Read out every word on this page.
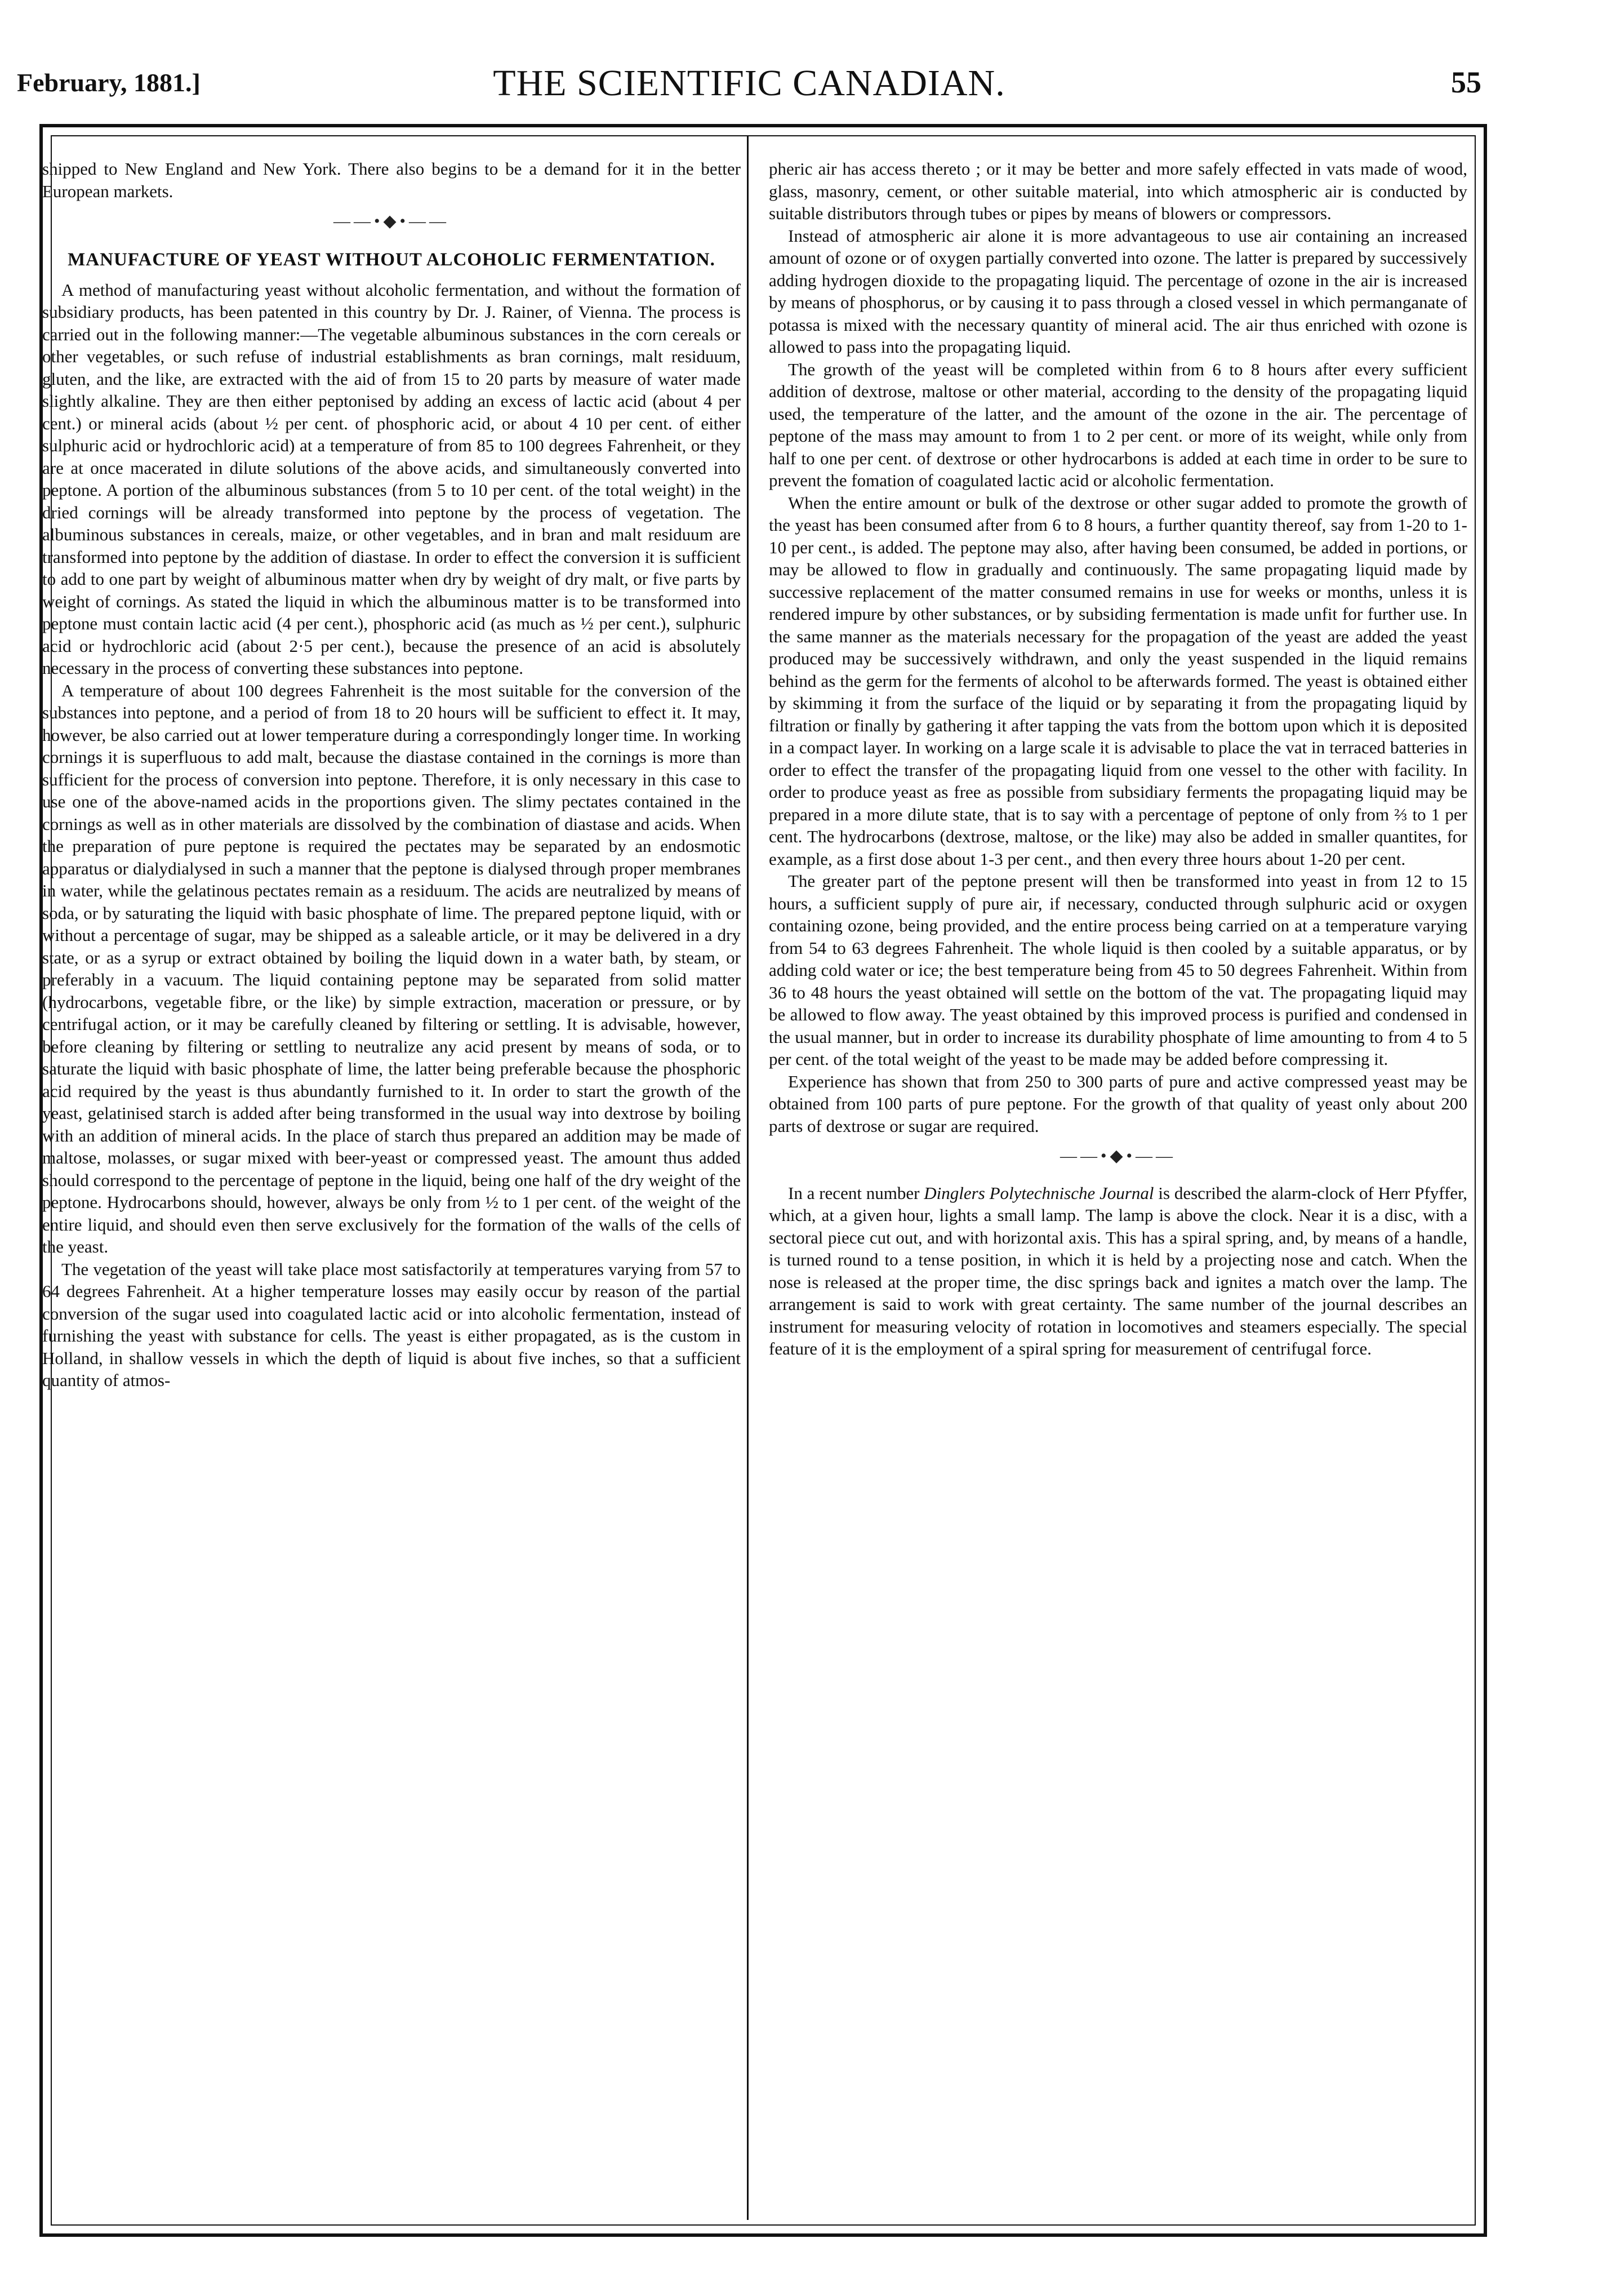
February, 1881.]	THE SCIENTIFIC CANADIAN.	55

shipped to New England and New York. There also begins to be a demand for it in the better European markets.

——•◆•——
MANUFACTURE OF YEAST WITHOUT ALCOHOLIC FERMENTATION.

A method of manufacturing yeast without alcoholic fermentation, and without the formation of subsidiary products, has been patented in this country by Dr. J. Rainer, of Vienna. The process is carried out in the following manner:—The vegetable albuminous substances in the corn cereals or other vegetables, or such refuse of industrial establishments as bran cornings, malt residuum, gluten, and the like, are extracted with the aid of from 15 to 20 parts by measure of water made slightly alkaline. They are then either peptonised by adding an excess of lactic acid (about 4 per cent.) or mineral acids (about ½ per cent. of phosphoric acid, or about 4 10 per cent. of either sulphuric acid or hydrochloric acid) at a temperature of from 85 to 100 degrees Fahrenheit, or they are at once macerated in dilute solutions of the above acids, and simultaneously converted into peptone. A portion of the albuminous substances (from 5 to 10 per cent. of the total weight) in the dried cornings will be already transformed into peptone by the process of vegetation. The albuminous substances in cereals, maize, or other vegetables, and in bran and malt residuum are transformed into peptone by the addition of diastase. In order to effect the conversion it is sufficient to add to one part by weight of albuminous matter when dry by weight of dry malt, or five parts by weight of cornings. As stated the liquid in which the albuminous matter is to be transformed into peptone must contain lactic acid (4 per cent.), phosphoric acid (as much as ½ per cent.), sulphuric acid or hydrochloric acid (about 2·5 per cent.), because the presence of an acid is absolutely necessary in the process of converting these substances into peptone.

A temperature of about 100 degrees Fahrenheit is the most suitable for the conversion of the substances into peptone, and a period of from 18 to 20 hours will be sufficient to effect it. It may, however, be also carried out at lower temperature during a correspondingly longer time. In working cornings it is superfluous to add malt, because the diastase contained in the cornings is more than sufficient for the process of conversion into peptone. Therefore, it is only necessary in this case to use one of the above-named acids in the proportions given. The slimy pectates contained in the cornings as well as in other materials are dissolved by the combination of diastase and acids. When the preparation of pure peptone is required the pectates may be separated by an endosmotic apparatus or dialydialysed in such a manner that the peptone is dialysed through proper membranes in water, while the gelatinous pectates remain as a residuum. The acids are neutralized by means of soda, or by saturating the liquid with basic phosphate of lime. The prepared peptone liquid, with or without a percentage of sugar, may be shipped as a saleable article, or it may be delivered in a dry state, or as a syrup or extract obtained by boiling the liquid down in a water bath, by steam, or preferably in a vacuum. The liquid containing peptone may be separated from solid matter (hydrocarbons, vegetable fibre, or the like) by simple extraction, maceration or pressure, or by centrifugal action, or it may be carefully cleaned by filtering or settling. It is advisable, however, before cleaning by filtering or settling to neutralize any acid present by means of soda, or to saturate the liquid with basic phosphate of lime, the latter being preferable because the phosphoric acid required by the yeast is thus abundantly furnished to it. In order to start the growth of the yeast, gelatinised starch is added after being transformed in the usual way into dextrose by boiling with an addition of mineral acids. In the place of starch thus prepared an addition may be made of maltose, molasses, or sugar mixed with beer-yeast or compressed yeast. The amount thus added should correspond to the percentage of peptone in the liquid, being one half of the dry weight of the peptone. Hydrocarbons should, however, always be only from ½ to 1 per cent. of the weight of the entire liquid, and should even then serve exclusively for the formation of the walls of the cells of the yeast.

The vegetation of the yeast will take place most satisfactorily at temperatures varying from 57 to 64 degrees Fahrenheit. At a higher temperature losses may easily occur by reason of the partial conversion of the sugar used into coagulated lactic acid or into alcoholic fermentation, instead of furnishing the yeast with substance for cells. The yeast is either propagated, as is the custom in Holland, in shallow vessels in which the depth of liquid is about five inches, so that a sufficient quantity of atmos-

pheric air has access thereto ; or it may be better and more safely effected in vats made of wood, glass, masonry, cement, or other suitable material, into which atmospheric air is conducted by suitable distributors through tubes or pipes by means of blowers or compressors.

Instead of atmospheric air alone it is more advantageous to use air containing an increased amount of ozone or of oxygen partially converted into ozone. The latter is prepared by successively adding hydrogen dioxide to the propagating liquid. The percentage of ozone in the air is increased by means of phosphorus, or by causing it to pass through a closed vessel in which permanganate of potassa is mixed with the necessary quantity of mineral acid. The air thus enriched with ozone is allowed to pass into the propagating liquid.

The growth of the yeast will be completed within from 6 to 8 hours after every sufficient addition of dextrose, maltose or other material, according to the density of the propagating liquid used, the temperature of the latter, and the amount of the ozone in the air. The percentage of peptone of the mass may amount to from 1 to 2 per cent. or more of its weight, while only from half to one per cent. of dextrose or other hydrocarbons is added at each time in order to be sure to prevent the fomation of coagulated lactic acid or alcoholic fermentation.

When the entire amount or bulk of the dextrose or other sugar added to promote the growth of the yeast has been consumed after from 6 to 8 hours, a further quantity thereof, say from 1-20 to 1-10 per cent., is added. The peptone may also, after having been consumed, be added in portions, or may be allowed to flow in gradually and continuously. The same propagating liquid made by successive replacement of the matter consumed remains in use for weeks or months, unless it is rendered impure by other substances, or by subsiding fermentation is made unfit for further use. In the same manner as the materials necessary for the propagation of the yeast are added the yeast produced may be successively withdrawn, and only the yeast suspended in the liquid remains behind as the germ for the ferments of alcohol to be afterwards formed. The yeast is obtained either by skimming it from the surface of the liquid or by separating it from the propagating liquid by filtration or finally by gathering it after tapping the vats from the bottom upon which it is deposited in a compact layer. In working on a large scale it is advisable to place the vat in terraced batteries in order to effect the transfer of the propagating liquid from one vessel to the other with facility. In order to produce yeast as free as possible from subsidiary ferments the propagating liquid may be prepared in a more dilute state, that is to say with a percentage of peptone of only from ⅔ to 1 per cent. The hydrocarbons (dextrose, maltose, or the like) may also be added in smaller quantites, for example, as a first dose about 1-3 per cent., and then every three hours about 1-20 per cent.

The greater part of the peptone present will then be transformed into yeast in from 12 to 15 hours, a sufficient supply of pure air, if necessary, conducted through sulphuric acid or oxygen containing ozone, being provided, and the entire process being carried on at a temperature varying from 54 to 63 degrees Fahrenheit. The whole liquid is then cooled by a suitable apparatus, or by adding cold water or ice; the best temperature being from 45 to 50 degrees Fahrenheit. Within from 36 to 48 hours the yeast obtained will settle on the bottom of the vat. The propagating liquid may be allowed to flow away. The yeast obtained by this improved process is purified and condensed in the usual manner, but in order to increase its durability phosphate of lime amounting to from 4 to 5 per cent. of the total weight of the yeast to be made may be added before compressing it.

Experience has shown that from 250 to 300 parts of pure and active compressed yeast may be obtained from 100 parts of pure peptone. For the growth of that quality of yeast only about 200 parts of dextrose or sugar are required.

——•◆•——

In a recent number Dinglers Polytechnische Journal is described the alarm-clock of Herr Pfyffer, which, at a given hour, lights a small lamp. The lamp is above the clock. Near it is a disc, with a sectoral piece cut out, and with horizontal axis. This has a spiral spring, and, by means of a handle, is turned round to a tense position, in which it is held by a projecting nose and catch. When the nose is released at the proper time, the disc springs back and ignites a match over the lamp. The arrangement is said to work with great certainty. The same number of the journal describes an instrument for measuring velocity of rotation in locomotives and steamers especially. The special feature of it is the employment of a spiral spring for measurement of centrifugal force.
